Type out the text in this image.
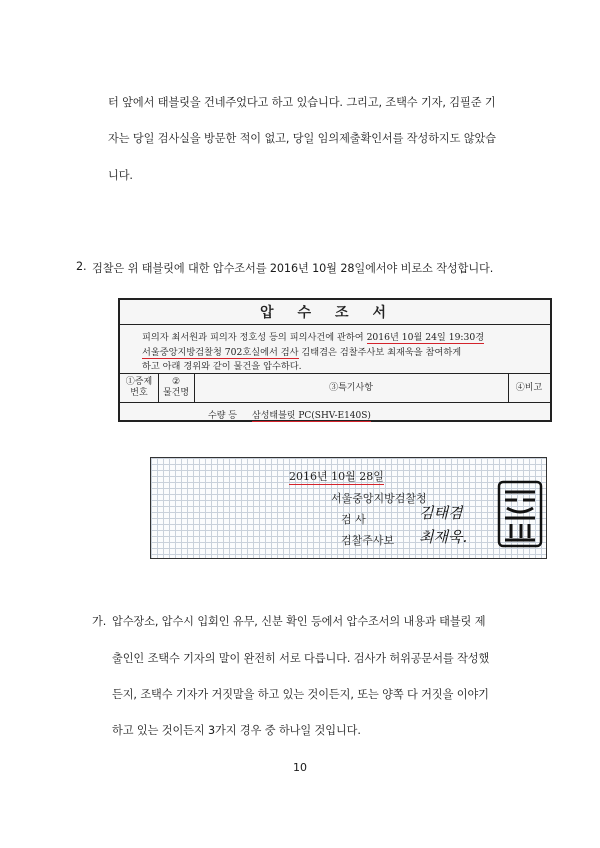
터 앞에서 태블릿을 건네주었다고 하고 있습니다. 그리고, 조택수 기자, 김필준 기
자는 당일 검사실을 방문한 적이 없고, 당일 임의제출확인서를 작성하지도 않았습
니다.
2. 검찰은 위 태블릿에 대한 압수조서를 2016년 10월 28일에서야 비로소 작성합니다.
압수조서
피의자 최서원과 피의자 정호성 등의 피의사건에 관하여 2016년 10월 24일 19:30경
서울중앙지방검찰청 702호실에서 검사 김태겸은 검찰주사보 최재욱을 참여하게
하고 아래 경위와 같이 물건을 압수하다.
①증제
번호
②
물건명
③특기사항	④비고
수량 등 삼성태블릿 PC(SHV-E140S)
2016년 10월 28일
서울중앙지방검찰청
검 사	김태겸
검찰주사보 최재욱.
가. 압수장소, 압수시 입회인 유무, 신분 확인 등에서 압수조서의 내용과 태블릿 제
출인인 조택수 기자의 말이 완전히 서로 다릅니다. 검사가 허위공문서를 작성했
든지, 조택수 기자가 거짓말을 하고 있는 것이든지, 또는 양쪽 다 거짓을 이야기
하고 있는 것이든지 3가지 경우 중 하나일 것입니다.
10
